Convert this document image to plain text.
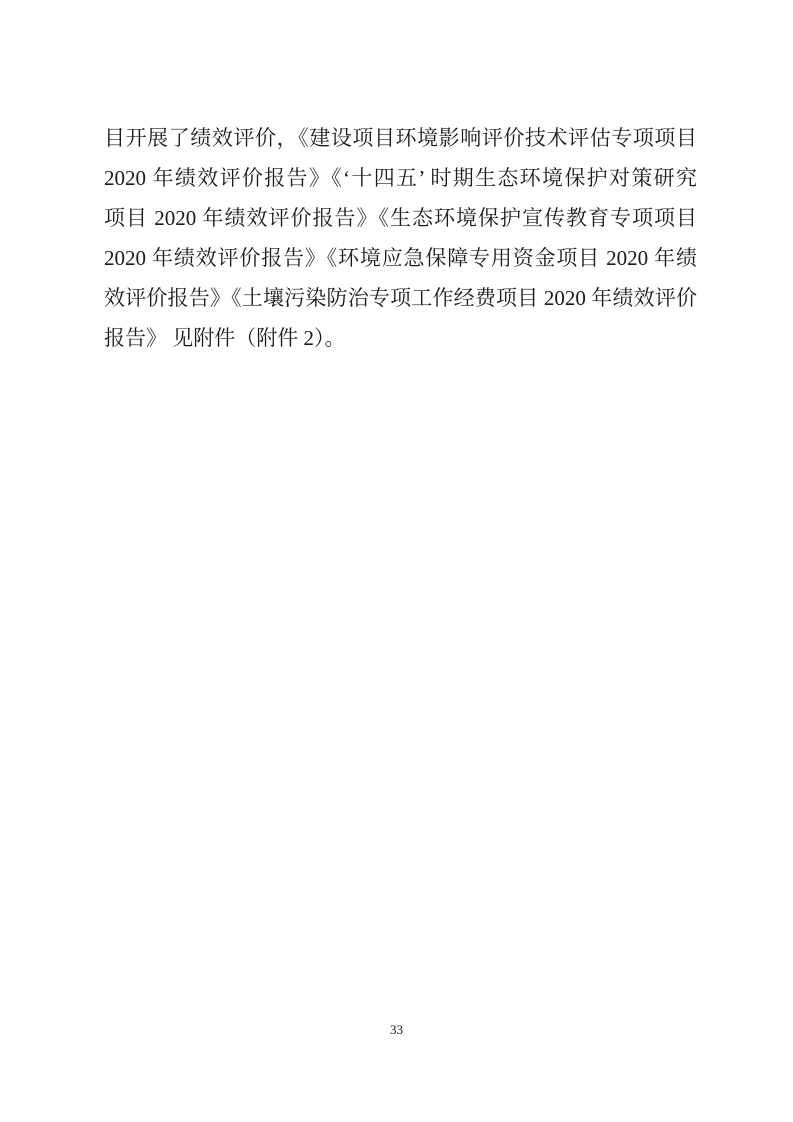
目开展了绩效评价，《建设项目环境影响评价技术评估专项项目
2020 年绩效评价报告》《‘十四五’ 时期生态环境保护对策研究
项目 2020 年绩效评价报告》《生态环境保护宣传教育专项项目
2020 年绩效评价报告》《环境应急保障专用资金项目 2020 年绩
效评价报告》《土壤污染防治专项工作经费项目 2020 年绩效评价
报告》 见附件（附件 2）。
33
